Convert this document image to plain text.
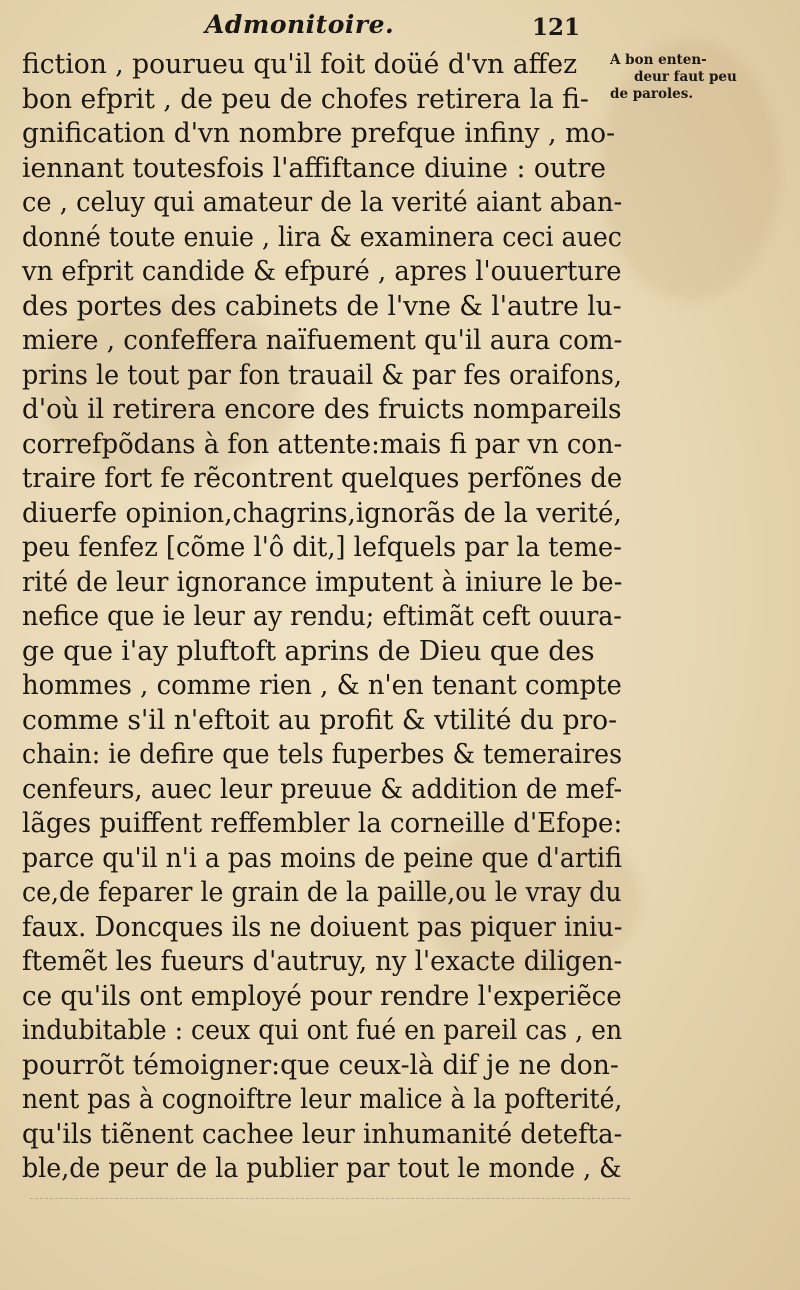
Admonitoire.	121
A bon enten-
deur faut peu
de paroles.
fiction , pourueu qu'il foit doüé d'vn affez
bon efprit , de peu de chofes retirera la fi-
gnification d'vn nombre prefque infiny , mo-
iennant toutesfois l'affiftance diuine : outre
ce , celuy qui amateur de la verité aiant aban-
donné toute enuie , lira & examinera ceci auec
vn efprit candide & efpuré , apres l'ouuerture
des portes des cabinets de l'vne & l'autre lu-
miere , confeffera naïfuement qu'il aura com-
prins le tout par fon trauail & par fes oraifons,
d'où il retirera encore des fruicts nompareils
correfpõdans à fon attente:mais fi par vn con-
traire fort fe rẽcontrent quelques perfõnes de
diuerfe opinion,chagrins,ignorãs de la verité,
peu fenfez [cõme l'ô dit,] lefquels par la teme-
rité de leur ignorance imputent à iniure le be-
nefice que ie leur ay rendu; eftimãt ceft ouura-
ge que i'ay pluftoft aprins de Dieu que des
hommes , comme rien , & n'en tenant compte
comme s'il n'eftoit au profit & vtilité du pro-
chain: ie defire que tels fuperbes & temeraires
cenfeurs, auec leur preuue & addition de mef-
lãges puiffent reffembler la corneille d'Efope:
parce qu'il n'i a pas moins de peine que d'artifi
ce,de feparer le grain de la paille,ou le vray du
faux. Doncques ils ne doiuent pas piquer iniu-
ftemẽt les fueurs d'autruy, ny l'exacte diligen-
ce qu'ils ont employé pour rendre l'experiẽce
indubitable : ceux qui ont fué en pareil cas , en
pourrõt témoigner:que ceux-là dif je ne don-
nent pas à cognoiftre leur malice à la pofterité,
qu'ils tiẽnent cachee leur inhumanité detefta-
ble,de peur de la publier par tout le monde , &
